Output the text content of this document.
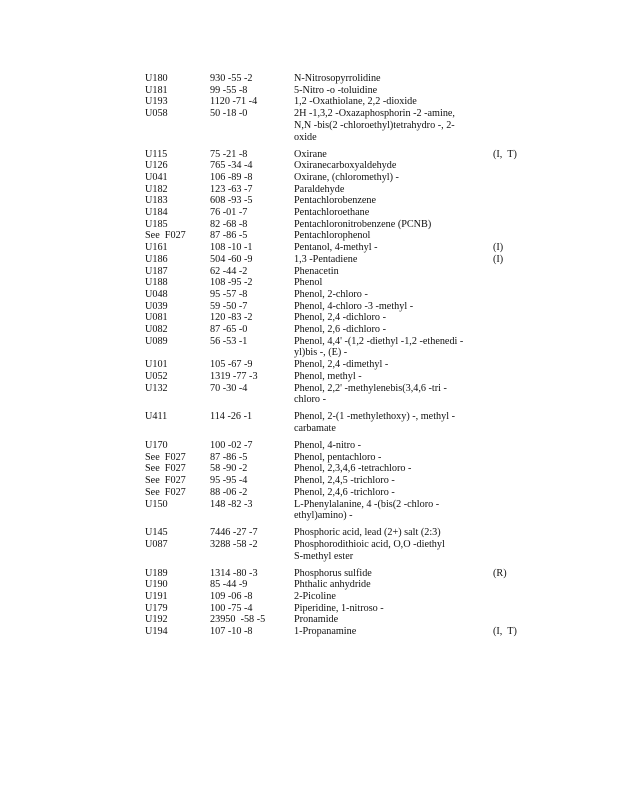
U180	930 -55 -2	N-Nitrosopyrrolidine
U181	99 -55 -8	5-Nitro -o -toluidine
U193	1120 -71 -4	1,2 -Oxathiolane, 2,2 -dioxide
U058	50 -18 -0	2H -1,3,2 -Oxazaphosphorin -2 -amine,
N,N -bis(2 -chloroethyl)tetrahydro -, 2-
oxide
U115	75 -21 -8	Oxirane	(I,  T)
U126	765 -34 -4	Oxiranecarboxyaldehyde
U041	106 -89 -8	Oxirane, (chloromethyl) -
U182	123 -63 -7	Paraldehyde
U183	608 -93 -5	Pentachlorobenzene
U184	76 -01 -7	Pentachloroethane
U185	82 -68 -8	Pentachloronitrobenzene (PCNB)
See  F027 87 -86 -5	Pentachlorophenol
U161	108 -10 -1	Pentanol, 4-methyl -	(I)
U186	504 -60 -9	1,3 -Pentadiene	(I)
U187	62 -44 -2	Phenacetin
U188	108 -95 -2	Phenol
U048	95 -57 -8	Phenol, 2-chloro -
U039	59 -50 -7	Phenol, 4-chloro -3 -methyl -
U081	120 -83 -2	Phenol, 2,4 -dichloro -
U082	87 -65 -0	Phenol, 2,6 -dichloro -
U089	56 -53 -1	Phenol, 4,4' -(1,2 -diethyl -1,2 -ethenedi -
yl)bis -, (E) -
U101	105 -67 -9	Phenol, 2,4 -dimethyl -
U052	1319 -77 -3	Phenol, methyl -
U132	70 -30 -4	Phenol, 2,2' -methylenebis(3,4,6 -tri -
chloro -
U411	114 -26 -1	Phenol, 2-(1 -methylethoxy) -, methyl -
carbamate
U170	100 -02 -7	Phenol, 4-nitro -
See  F027 87 -86 -5	Phenol, pentachloro -
See  F027 58 -90 -2	Phenol, 2,3,4,6 -tetrachloro -
See  F027 95 -95 -4	Phenol, 2,4,5 -trichloro -
See  F027 88 -06 -2	Phenol, 2,4,6 -trichloro -
U150	148 -82 -3	L-Phenylalanine, 4 -(bis(2 -chloro -
ethyl)amino) -
U145	7446 -27 -7	Phosphoric acid, lead (2+) salt (2:3)
U087	3288 -58 -2	Phosphorodithioic acid, O,O -diethyl
S-methyl ester
U189	1314 -80 -3	Phosphorus sulfide	(R)
U190	85 -44 -9	Phthalic anhydride
U191	109 -06 -8	2-Picoline
U179	100 -75 -4	Piperidine, 1-nitroso -
U192	23950  -58 -5	Pronamide
U194	107 -10 -8	1-Propanamine	(I,  T)
